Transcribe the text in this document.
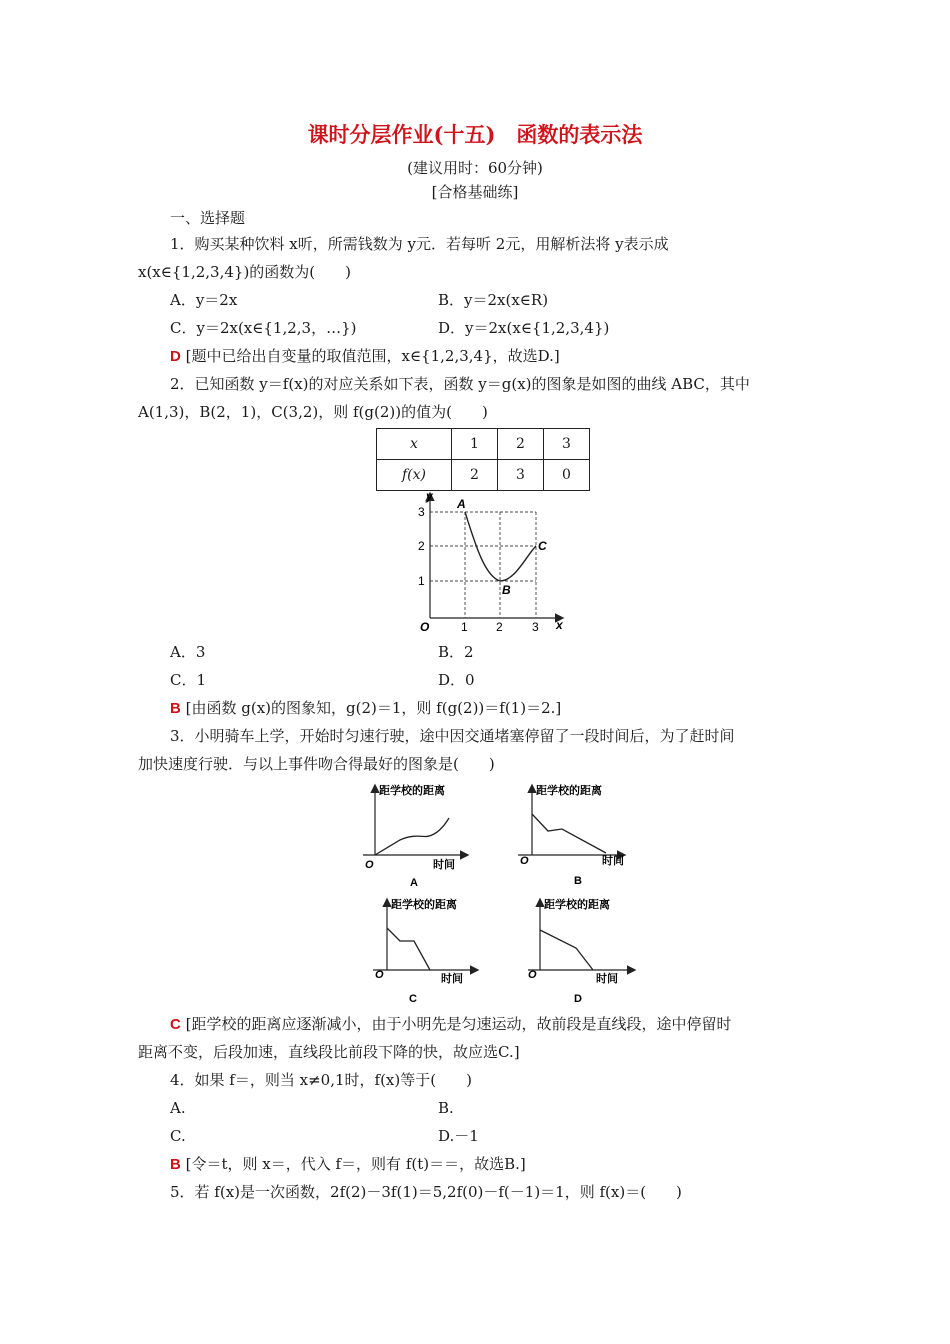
课时分层作业(十五)　函数的表示法
(建议用时：60分钟)
[合格基础练]
一、选择题
1．购买某种饮料 x听，所需钱数为 y元．若每听 2元，用解析法将 y表示成
x(x∈{1,2,3,4})的函数为(　　)
A．y＝2x	B．y＝2x(x∈R)
C．y＝2x(x∈{1,2,3，…})	D．y＝2x(x∈{1,2,3,4})
D [题中已给出自变量的取值范围，x∈{1,2,3,4}，故选D.]
2．已知函数 y＝f(x)的对应关系如下表，函数 y＝g(x)的图象是如图的曲线 ABC，其中
A(1,3)，B(2，1)，C(3,2)，则 f(g(2))的值为(　　)
x	1	2	3
f(x)	2	3	0
y
x
O	1 2 3
1
2
3
A
B
C
A．3	B．2
C．1	D．0
B [由函数 g(x)的图象知，g(2)＝1，则 f(g(2))＝f(1)＝2.]
3．小明骑车上学，开始时匀速行驶，途中因交通堵塞停留了一段时间后，为了赶时间
加快速度行驶．与以上事件吻合得最好的图象是(　　)
距学校的距离
时间
O
A
距学校的距离
时间
O
B
距学校的距离
时间
O
C
距学校的距离
时间
O
D
C [距学校的距离应逐渐减小，由于小明先是匀速运动，故前段是直线段，途中停留时
距离不变，后段加速，直线段比前段下降的快，故应选C.]
4．如果 f＝，则当 x≠0,1时，f(x)等于(　　)
A.	B.
C.	D.－1
B [令＝t，则 x＝，代入 f＝，则有 f(t)＝＝，故选B.]
5．若 f(x)是一次函数，2f(2)－3f(1)＝5,2f(0)－f(－1)＝1，则 f(x)＝(　　)
